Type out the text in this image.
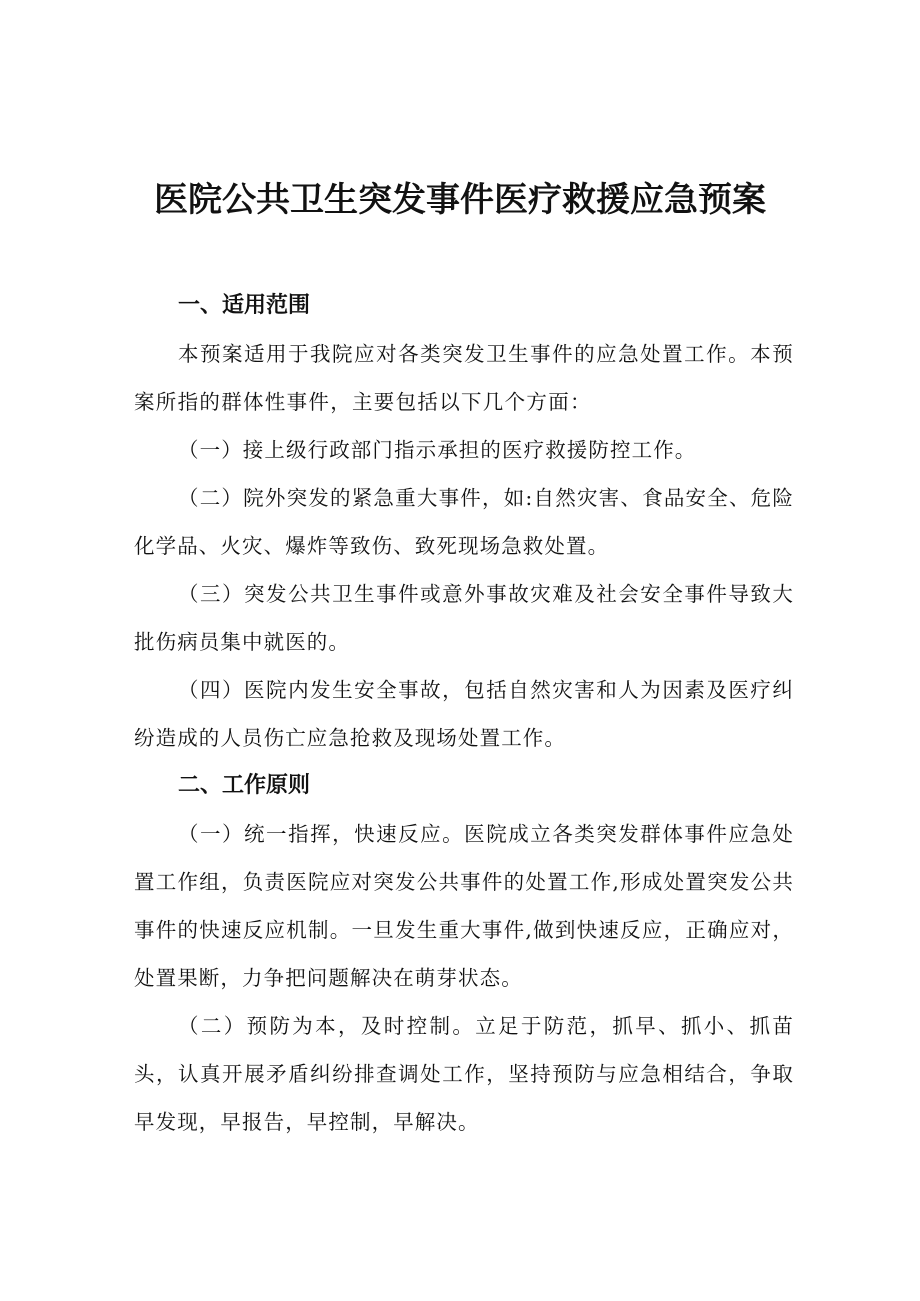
医院公共卫生突发事件医疗救援应急预案
一、适用范围

本预案适用于我院应对各类突发卫生事件的应急处置工作。本预案所指的群体性事件，主要包括以下几个方面：

（一）接上级行政部门指示承担的医疗救援防控工作。

（二）院外突发的紧急重大事件，如:自然灾害、食品安全、危险化学品、火灾、爆炸等致伤、致死现场急救处置。

（三）突发公共卫生事件或意外事故灾难及社会安全事件导致大批伤病员集中就医的。

（四）医院内发生安全事故，包括自然灾害和人为因素及医疗纠纷造成的人员伤亡应急抢救及现场处置工作。

二、工作原则

（一）统一指挥，快速反应。医院成立各类突发群体事件应急处置工作组，负责医院应对突发公共事件的处置工作,形成处置突发公共事件的快速反应机制。一旦发生重大事件,做到快速反应，正确应对，处置果断，力争把问题解决在萌芽状态。

（二）预防为本，及时控制。立足于防范，抓早、抓小、抓苗头，认真开展矛盾纠纷排查调处工作，坚持预防与应急相结合，争取早发现，早报告，早控制，早解决。
